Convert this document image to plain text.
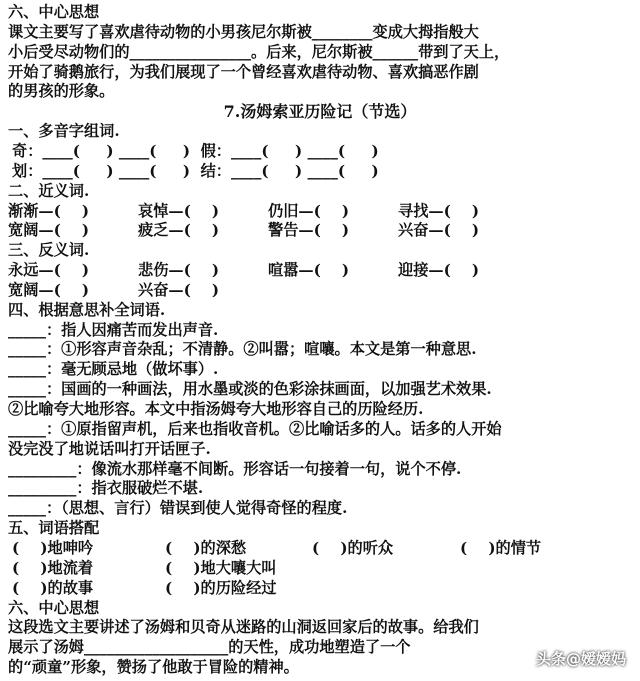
六、中心思想
课文主要写了喜欢虐待动物的小男孩尼尔斯被________变成大拇指般大
小后受尽动物们的________________。后来，尼尔斯被______带到了天上，
开始了骑鹅旅行，为我们展现了一个曾经喜欢虐待动物、喜欢搞恶作剧
的男孩的形象。
7.汤姆索亚历险记（节选）
一、多音字组词.
奇：____(     ) ____(     )  假：____(     ) ____(     )
划：____(     ) ____(     )  结：____(     ) ____(     )
二、近义词.
渐渐—(    )	哀悼—(    )	仍旧—(    )	寻找—(    )
宽阔—(    )	疲乏—(    )	警告—(    )	兴奋—(    )
三、反义词.
永远—(    )	悲伤—(    )	喧嚣—(    )	迎接—(    )
宽阔—(    )	兴奋—(    )
四、根据意思补全词语.
_____：指人因痛苦而发出声音.
_____：①形容声音杂乱；不清静。②叫嚣；喧嚷。本文是第一种意思.
_____：毫无顾忌地（做坏事）.
_____：国画的一种画法，用水墨或淡的色彩涂抹画面，以加强艺术效果.
②比喻夸大地形容。本文中指汤姆夸大地形容自己的历险经历.
_____：①原指留声机，后来也指收音机。②比喻话多的人。话多的人开始
没完没了地说话叫打开话匣子.
_________：像流水那样毫不间断。形容话一句接着一句，说个不停.
_________：指衣服破烂不堪.
_____：（思想、言行）错误到使人觉得奇怪的程度.
五、词语搭配
(    )地呻吟	(    )的深愁	(    )的听众	(    )的情节
(    )地流着	(    )地大嚷大叫
(    )的故事	(    )的历险经过
六、中心思想
这段选文主要讲述了汤姆和贝奇从迷路的山洞返回家后的故事。给我们
展示了汤姆___________________的天性，成功地塑造了一个
头条@嫒嫒妈
的“顽童”形象，赞扬了他敢于冒险的精神。
